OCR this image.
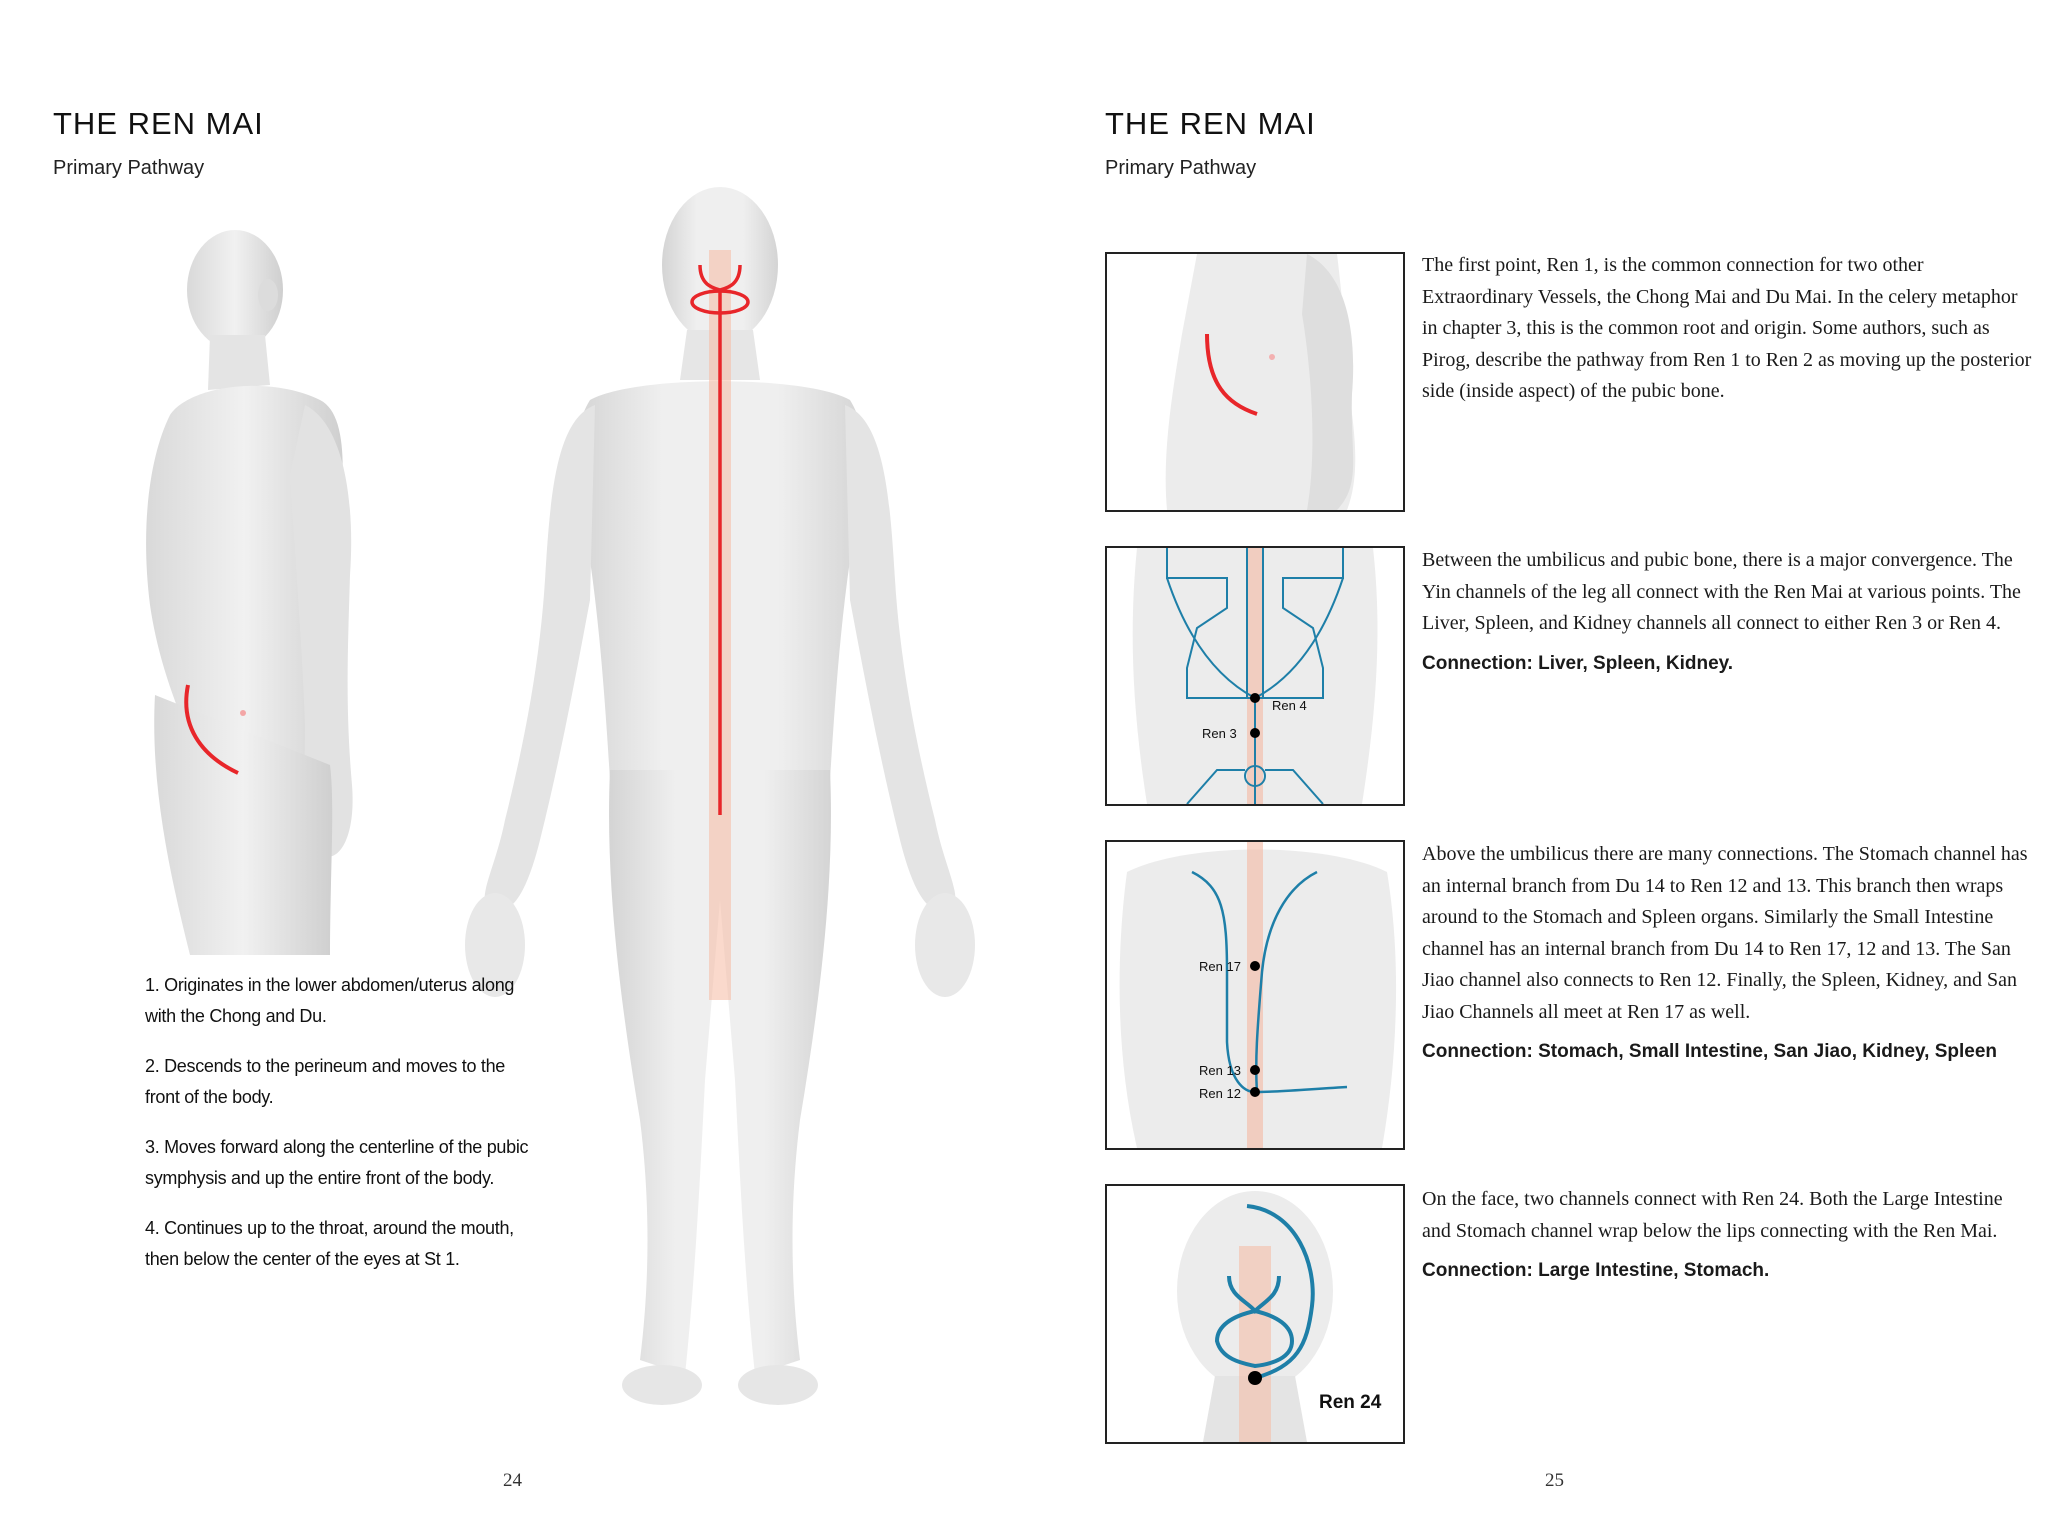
THE REN MAI
Primary Pathway

1. Originates in the lower abdomen/uterus along with the Chong and Du.

2. Descends to the perineum and moves to the front of the body.

3. Moves forward along the centerline of the pubic symphysis and up the entire front of the body.

4. Continues up to the throat, around the mouth, then below the center of the eyes at St 1.

24
THE REN MAI
Primary Pathway

The first point, Ren 1, is the common connection for two other Extraordinary Vessels, the Chong Mai and Du Mai. In the celery metaphor in chapter 3, this is the common root and origin. Some authors, such as Pirog, describe the pathway from Ren 1 to Ren 2 as moving up the posterior side (inside aspect) of the pubic bone.

Ren 4
Ren 3

Between the umbilicus and pubic bone, there is a major convergence. The Yin channels of the leg all connect with the Ren Mai at various points. The Liver, Spleen, and Kidney channels all connect to either Ren 3 or Ren 4.

Connection: Liver, Spleen, Kidney.

Ren 17
Ren 13
Ren 12

Above the umbilicus there are many connections. The Stomach channel has an internal branch from Du 14 to Ren 12 and 13. This branch then wraps around to the Stomach and Spleen organs. Similarly the Small Intestine channel has an internal branch from Du 14 to Ren 17, 12 and 13. The San Jiao channel also connects to Ren 12. Finally, the Spleen, Kidney, and San Jiao Channels all meet at Ren 17 as well.

Connection: Stomach, Small Intestine, San Jiao, Kidney, Spleen

Ren 24

On the face, two channels connect with Ren 24. Both the Large Intestine and Stomach channel wrap below the lips connecting with the Ren Mai.

Connection: Large Intestine, Stomach.

25
